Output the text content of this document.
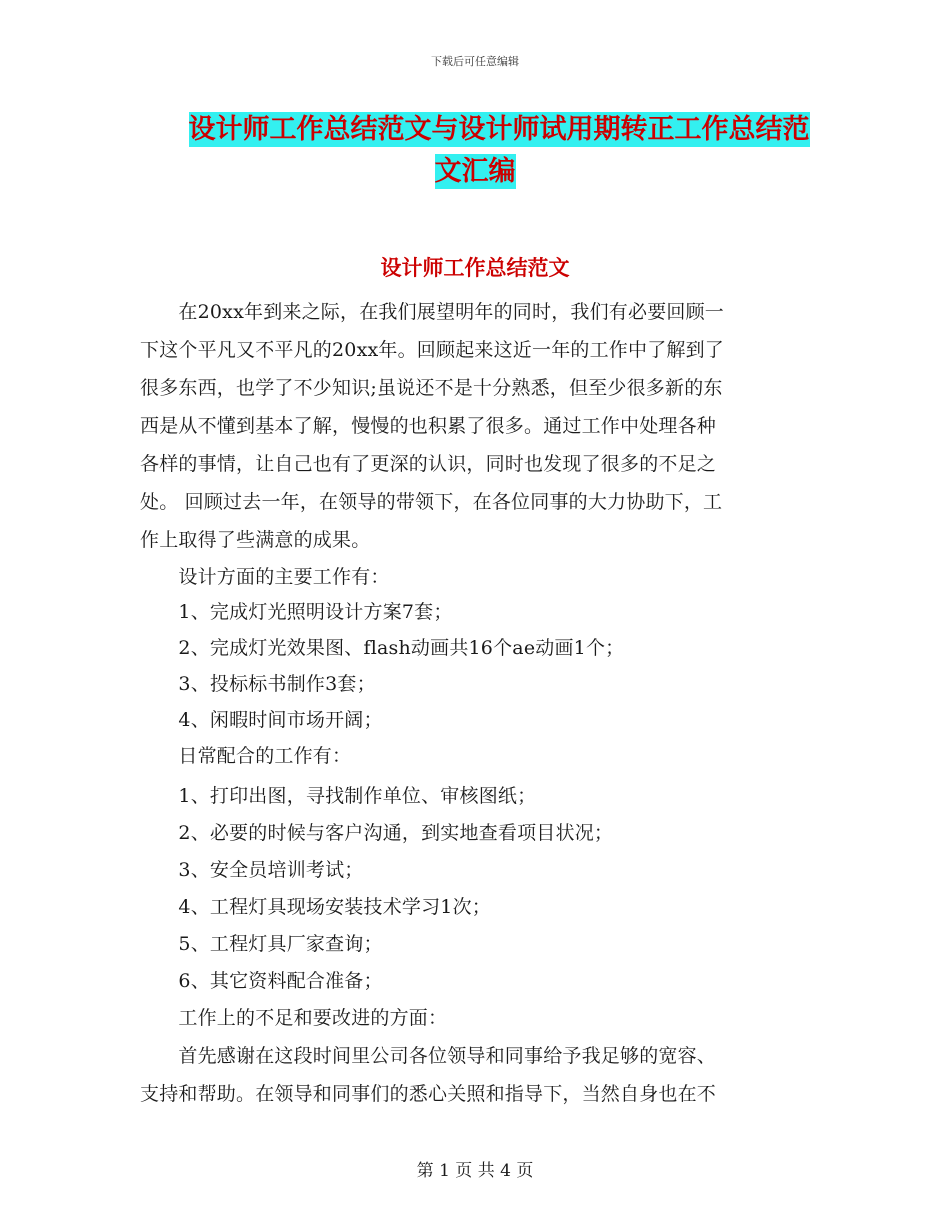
下载后可任意编辑
设计师工作总结范文与设计师试用期转正工作总结范
文汇编
设计师工作总结范文
　　在20xx年到来之际，在我们展望明年的同时，我们有必要回顾一
下这个平凡又不平凡的20xx年。回顾起来这近一年的工作中了解到了
很多东西，也学了不少知识;虽说还不是十分熟悉，但至少很多新的东
西是从不懂到基本了解，慢慢的也积累了很多。通过工作中处理各种
各样的事情，让自己也有了更深的认识，同时也发现了很多的不足之
处。 回顾过去一年，在领导的带领下，在各位同事的大力协助下，工
作上取得了些满意的成果。
　　设计方面的主要工作有：
　　1、完成灯光照明设计方案7套；
　　2、完成灯光效果图、flash动画共16个ae动画1个；
　　3、投标标书制作3套；
　　4、闲暇时间市场开阔；
　　日常配合的工作有：
　　1、打印出图，寻找制作单位、审核图纸；
　　2、必要的时候与客户沟通，到实地查看项目状况；
　　3、安全员培训考试；
　　4、工程灯具现场安装技术学习1次；
　　5、工程灯具厂家查询；
　　6、其它资料配合准备；
　　工作上的不足和要改进的方面：
　　首先感谢在这段时间里公司各位领导和同事给予我足够的宽容、
支持和帮助。在领导和同事们的悉心关照和指导下，当然自身也在不
第 1 页 共 4 页
